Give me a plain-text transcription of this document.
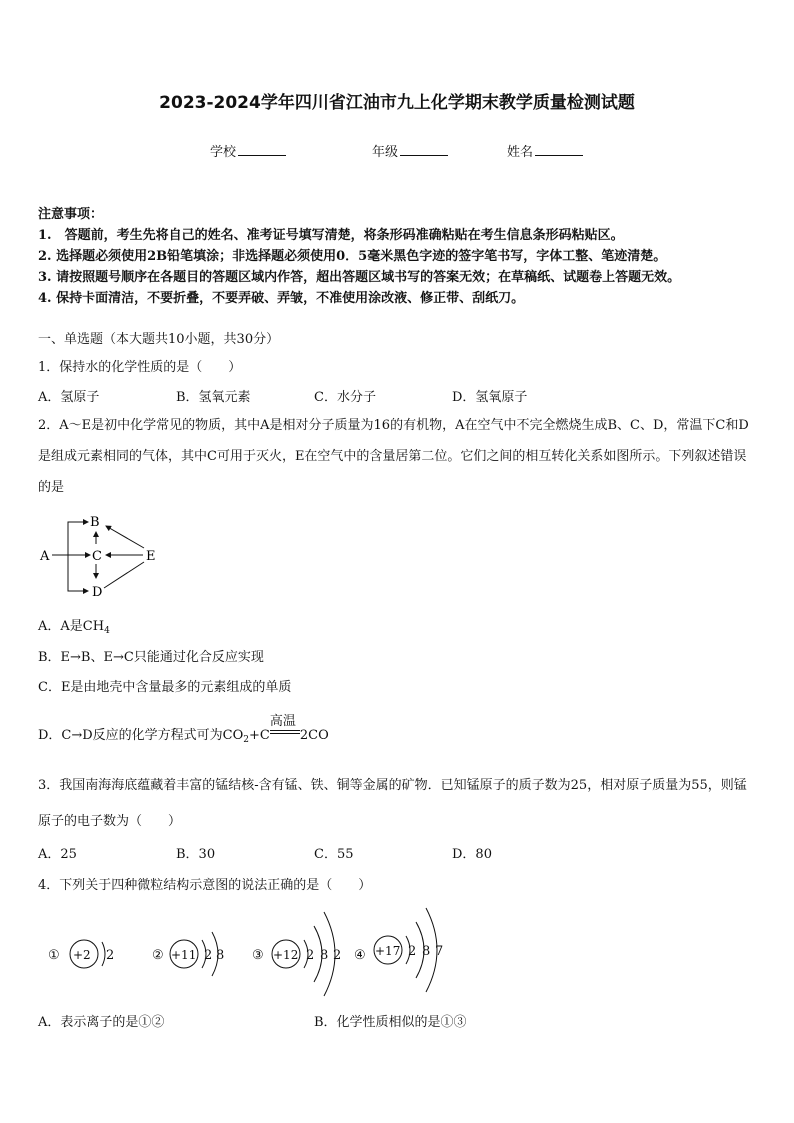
2023-2024学年四川省江油市九上化学期末教学质量检测试题
学校	年级	姓名
注意事项：
1.　答题前，考生先将自己的姓名、准考证号填写清楚，将条形码准确粘贴在考生信息条形码粘贴区。
2. 选择题必须使用2B铅笔填涂；非选择题必须使用0．5毫米黑色字迹的签字笔书写，字体工整、笔迹清楚。
3. 请按照题号顺序在各题目的答题区域内作答，超出答题区域书写的答案无效；在草稿纸、试题卷上答题无效。
4. 保持卡面清洁，不要折叠，不要弄破、弄皱，不准使用涂改液、修正带、刮纸刀。
一、单选题（本大题共10小题，共30分）
1．保持水的化学性质的是（　　）
A．氢原子	B．氢氧元素	C．水分子	D．氢氧原子
2．A～E是初中化学常见的物质，其中A是相对分子质量为16的有机物，A在空气中不完全燃烧生成B、C、D，常温下C和D是组成元素相同的气体，其中C可用于灭火，E在空气中的含量居第二位。它们之间的相互转化关系如图所示。下列叙述错误的是
A
B
C
D
E
A．A是$CH_4$
B．E→B、E→C只能通过化合反应实现
C．E是由地壳中含量最多的元素组成的单质
D．C→D反应的化学方程式可为$CO_2+C$
高温
2CO
3．我国南海海底蕴藏着丰富的锰结核-含有锰、铁、铜等金属的矿物．已知锰原子的质子数为25，相对原子质量为55，则锰原子的电子数为（　　）
A．25	B．30	C．55	D．80
4．下列关于四种微粒结构示意图的说法正确的是（　　）
① +2 2	② +11 2 8 ③ +12 2 8 2 ④ +17 2 8 7
A．表示离子的是①②	B．化学性质相似的是①③
